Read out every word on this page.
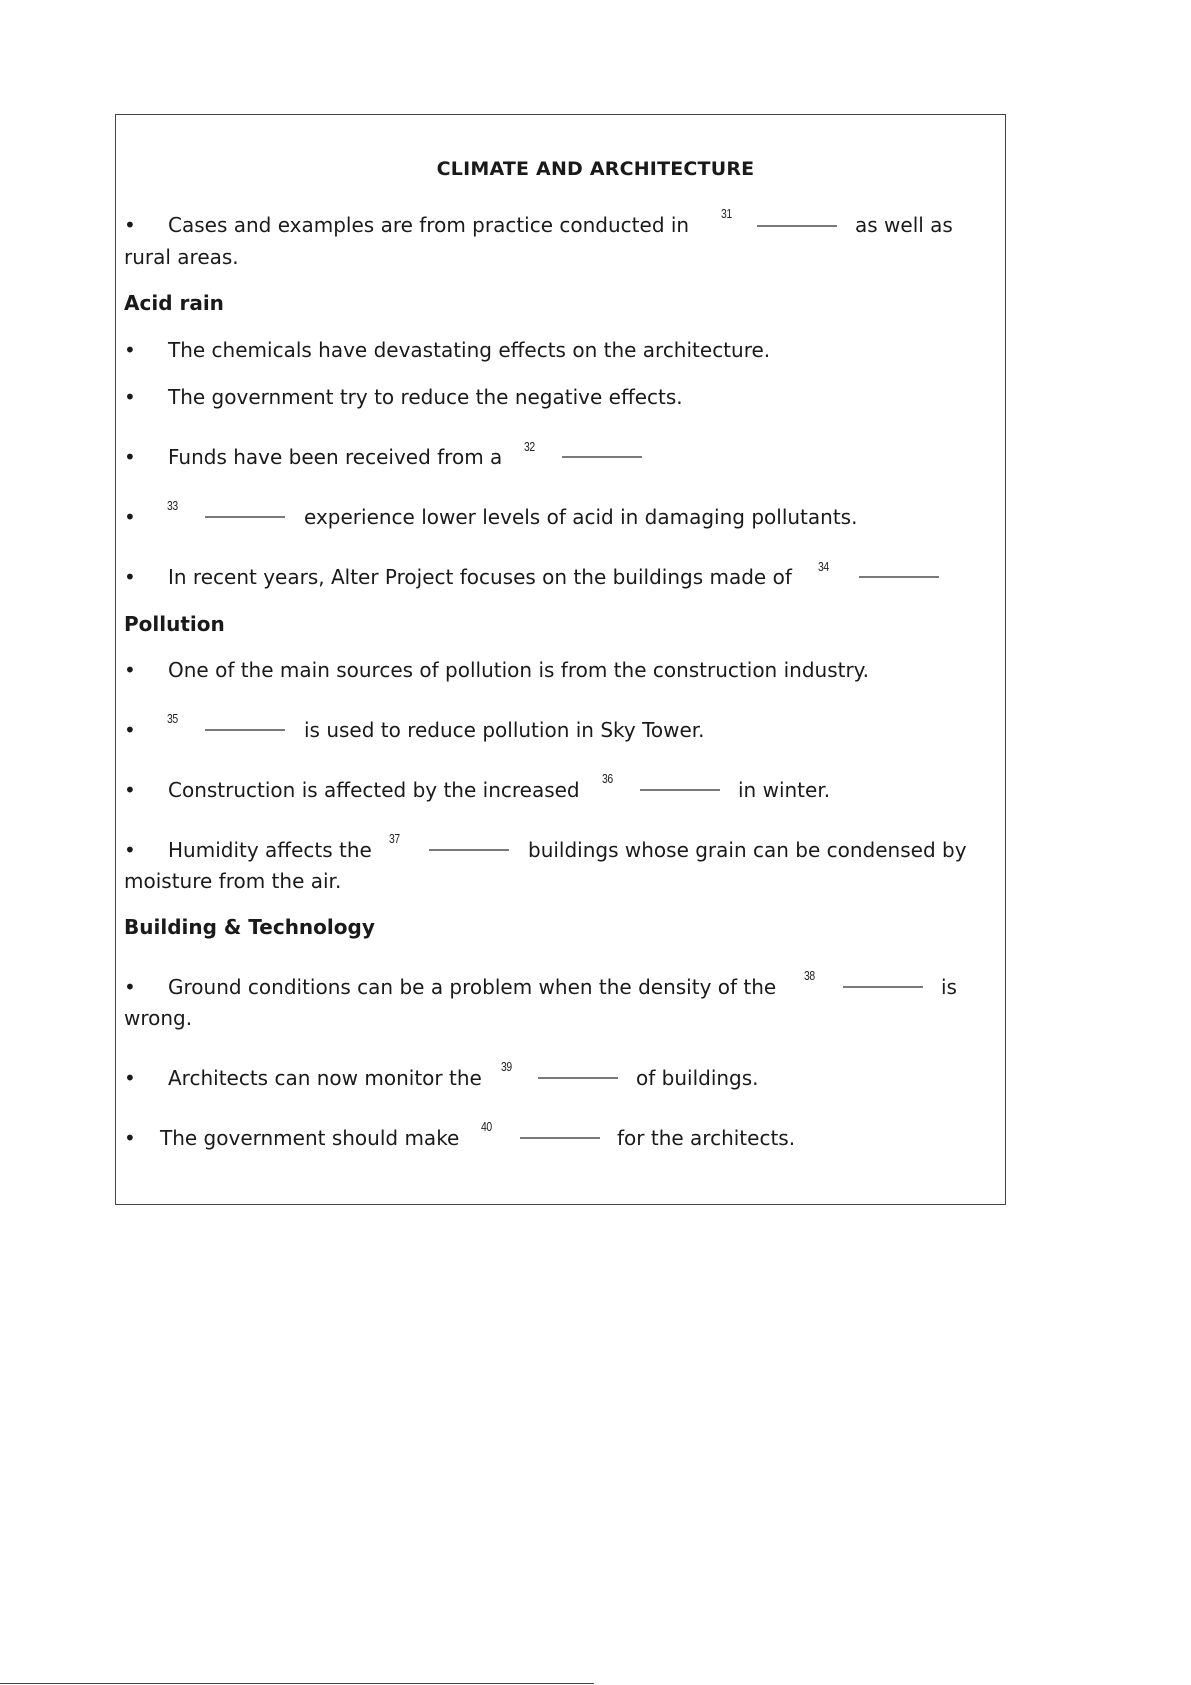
CLIMATE AND ARCHITECTURE
• Cases and examples are from practice conducted in 31	as well as
rural areas.
Acid rain
• The chemicals have devastating effects on the architecture.
• The government try to reduce the negative effects.
• Funds have been received from a 32
• 33	experience lower levels of acid in damaging pollutants.
• In recent years, Alter Project focuses on the buildings made of 34
Pollution
• One of the main sources of pollution is from the construction industry.
• 35	is used to reduce pollution in Sky Tower.
• Construction is affected by the increased 36	in winter.
• Humidity affects the 37	buildings whose grain can be condensed by
moisture from the air.
Building & Technology
• Ground conditions can be a problem when the density of the 38	is
wrong.
• Architects can now monitor the 39	of buildings.
• The government should make 40	for the architects.
